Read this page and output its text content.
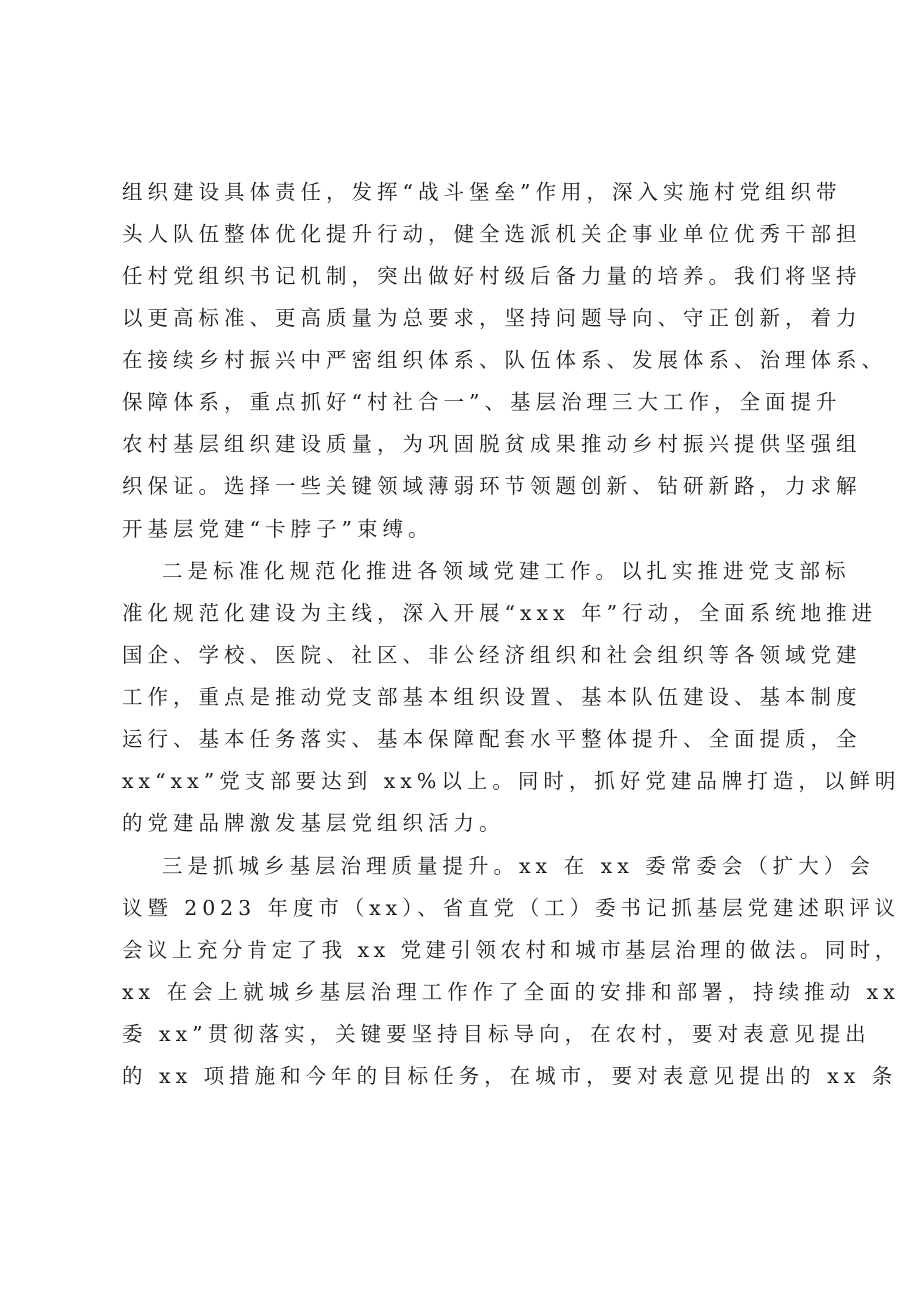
组织建设具体责任，发挥“战斗堡垒”作用，深入实施村党组织带

头人队伍整体优化提升行动，健全选派机关企事业单位优秀干部担

任村党组织书记机制，突出做好村级后备力量的培养。我们将坚持

以更高标准、更高质量为总要求，坚持问题导向、守正创新，着力

在接续乡村振兴中严密组织体系、队伍体系、发展体系、治理体系、

保障体系，重点抓好“村社合一”、基层治理三大工作，全面提升

农村基层组织建设质量，为巩固脱贫成果推动乡村振兴提供坚强组

织保证。选择一些关键领域薄弱环节领题创新、钻研新路，力求解

开基层党建“卡脖子”束缚。

二是标准化规范化推进各领域党建工作。以扎实推进党支部标

准化规范化建设为主线，深入开展“xxx 年”行动，全面系统地推进

国企、学校、医院、社区、非公经济组织和社会组织等各领域党建

工作，重点是推动党支部基本组织设置、基本队伍建设、基本制度

运行、基本任务落实、基本保障配套水平整体提升、全面提质，全

xx“xx”党支部要达到 xx%以上。同时，抓好党建品牌打造，以鲜明

的党建品牌激发基层党组织活力。

三是抓城乡基层治理质量提升。xx 在 xx 委常委会（扩大）会

议暨 2023 年度市（xx）、省直党（工）委书记抓基层党建述职评议

会议上充分肯定了我 xx 党建引领农村和城市基层治理的做法。同时，

xx 在会上就城乡基层治理工作作了全面的安排和部署，持续推动 xx

委 xx”贯彻落实，关键要坚持目标导向，在农村，要对表意见提出

的 xx 项措施和今年的目标任务，在城市，要对表意见提出的 xx 条
